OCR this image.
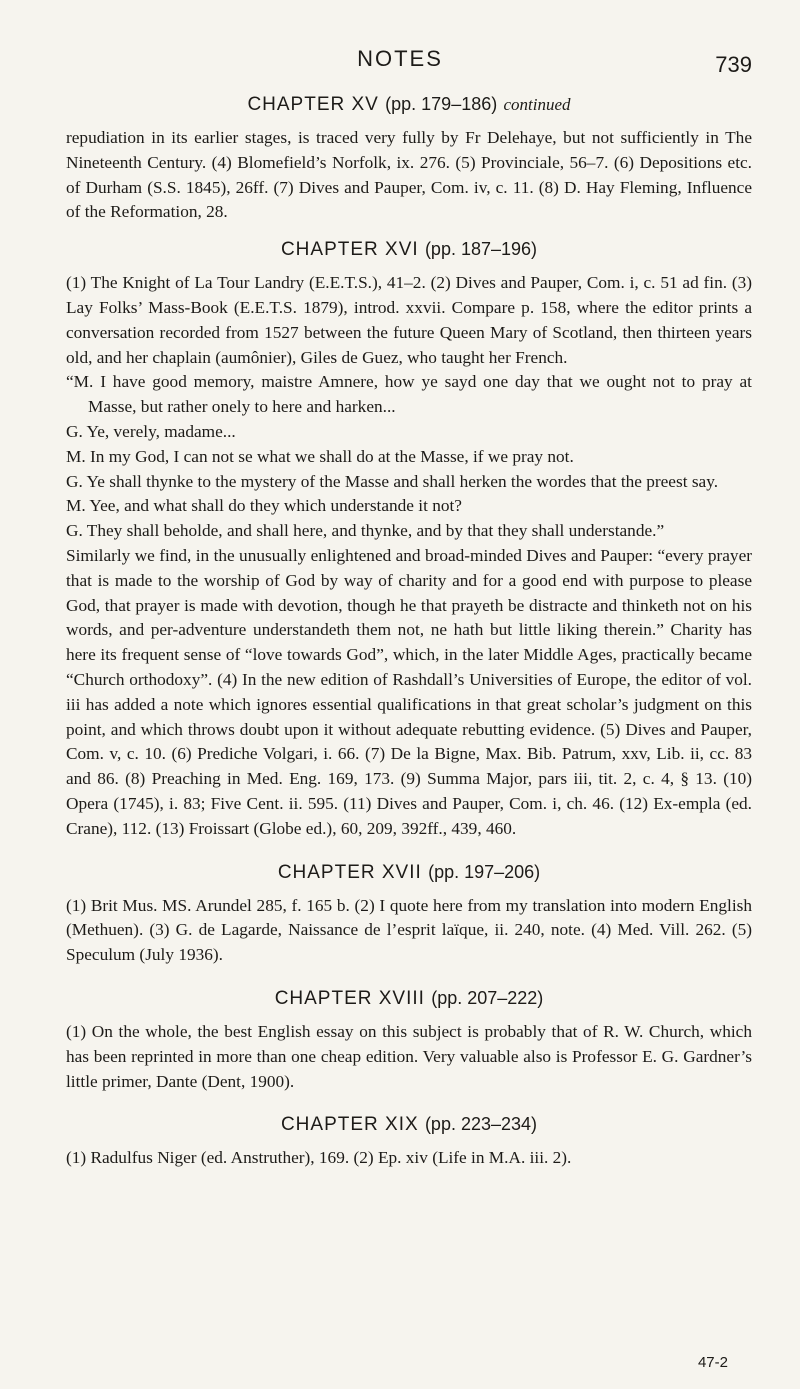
NOTES	739
CHAPTER XV (pp. 179–186) continued

repudiation in its earlier stages, is traced very fully by Fr Delehaye, but not sufficiently in The Nineteenth Century. (4) Blomefield’s Norfolk, ix. 276. (5) Provinciale, 56–7. (6) Depositions etc. of Durham (S.S. 1845), 26ff. (7) Dives and Pauper, Com. iv, c. 11. (8) D. Hay Fleming, Influence of the Reformation, 28.

CHAPTER XVI (pp. 187–196)

(1) The Knight of La Tour Landry (E.E.T.S.), 41–2. (2) Dives and Pauper, Com. i, c. 51 ad fin. (3) Lay Folks’ Mass-Book (E.E.T.S. 1879), introd. xxvii. Compare p. 158, where the editor prints a conversation recorded from 1527 between the future Queen Mary of Scotland, then thirteen years old, and her chaplain (aumônier), Giles de Guez, who taught her French.

“M. I have good memory, maistre Amnere, how ye sayd one day that we ought not to pray at Masse, but rather onely to here and harken...
G. Ye, verely, madame...
M. In my God, I can not se what we shall do at the Masse, if we pray not.
G. Ye shall thynke to the mystery of the Masse and shall herken the wordes that the preest say.
M. Yee, and what shall do they which understande it not?
G. They shall beholde, and shall here, and thynke, and by that they shall understande.”

Similarly we find, in the unusually enlightened and broad-minded Dives and Pauper: “every prayer that is made to the worship of God by way of charity and for a good end with purpose to please God, that prayer is made with devotion, though he that prayeth be distracte and thinketh not on his words, and per-adventure understandeth them not, ne hath but little liking therein.” Charity has here its frequent sense of “love towards God”, which, in the later Middle Ages, practically became “Church orthodoxy”. (4) In the new edition of Rashdall’s Universities of Europe, the editor of vol. iii has added a note which ignores essential qualifications in that great scholar’s judgment on this point, and which throws doubt upon it without adequate rebutting evidence. (5) Dives and Pauper, Com. v, c. 10. (6) Prediche Volgari, i. 66. (7) De la Bigne, Max. Bib. Patrum, xxv, Lib. ii, cc. 83 and 86. (8) Preaching in Med. Eng. 169, 173. (9) Summa Major, pars iii, tit. 2, c. 4, § 13. (10) Opera (1745), i. 83; Five Cent. ii. 595. (11) Dives and Pauper, Com. i, ch. 46. (12) Ex-empla (ed. Crane), 112. (13) Froissart (Globe ed.), 60, 209, 392ff., 439, 460.

CHAPTER XVII (pp. 197–206)

(1) Brit Mus. MS. Arundel 285, f. 165 b. (2) I quote here from my translation into modern English (Methuen). (3) G. de Lagarde, Naissance de l’esprit laïque, ii. 240, note. (4) Med. Vill. 262. (5) Speculum (July 1936).

CHAPTER XVIII (pp. 207–222)

(1) On the whole, the best English essay on this subject is probably that of R. W. Church, which has been reprinted in more than one cheap edition. Very valuable also is Professor E. G. Gardner’s little primer, Dante (Dent, 1900).

CHAPTER XIX (pp. 223–234)

(1) Radulfus Niger (ed. Anstruther), 169. (2) Ep. xiv (Life in M.A. iii. 2).

47-2
